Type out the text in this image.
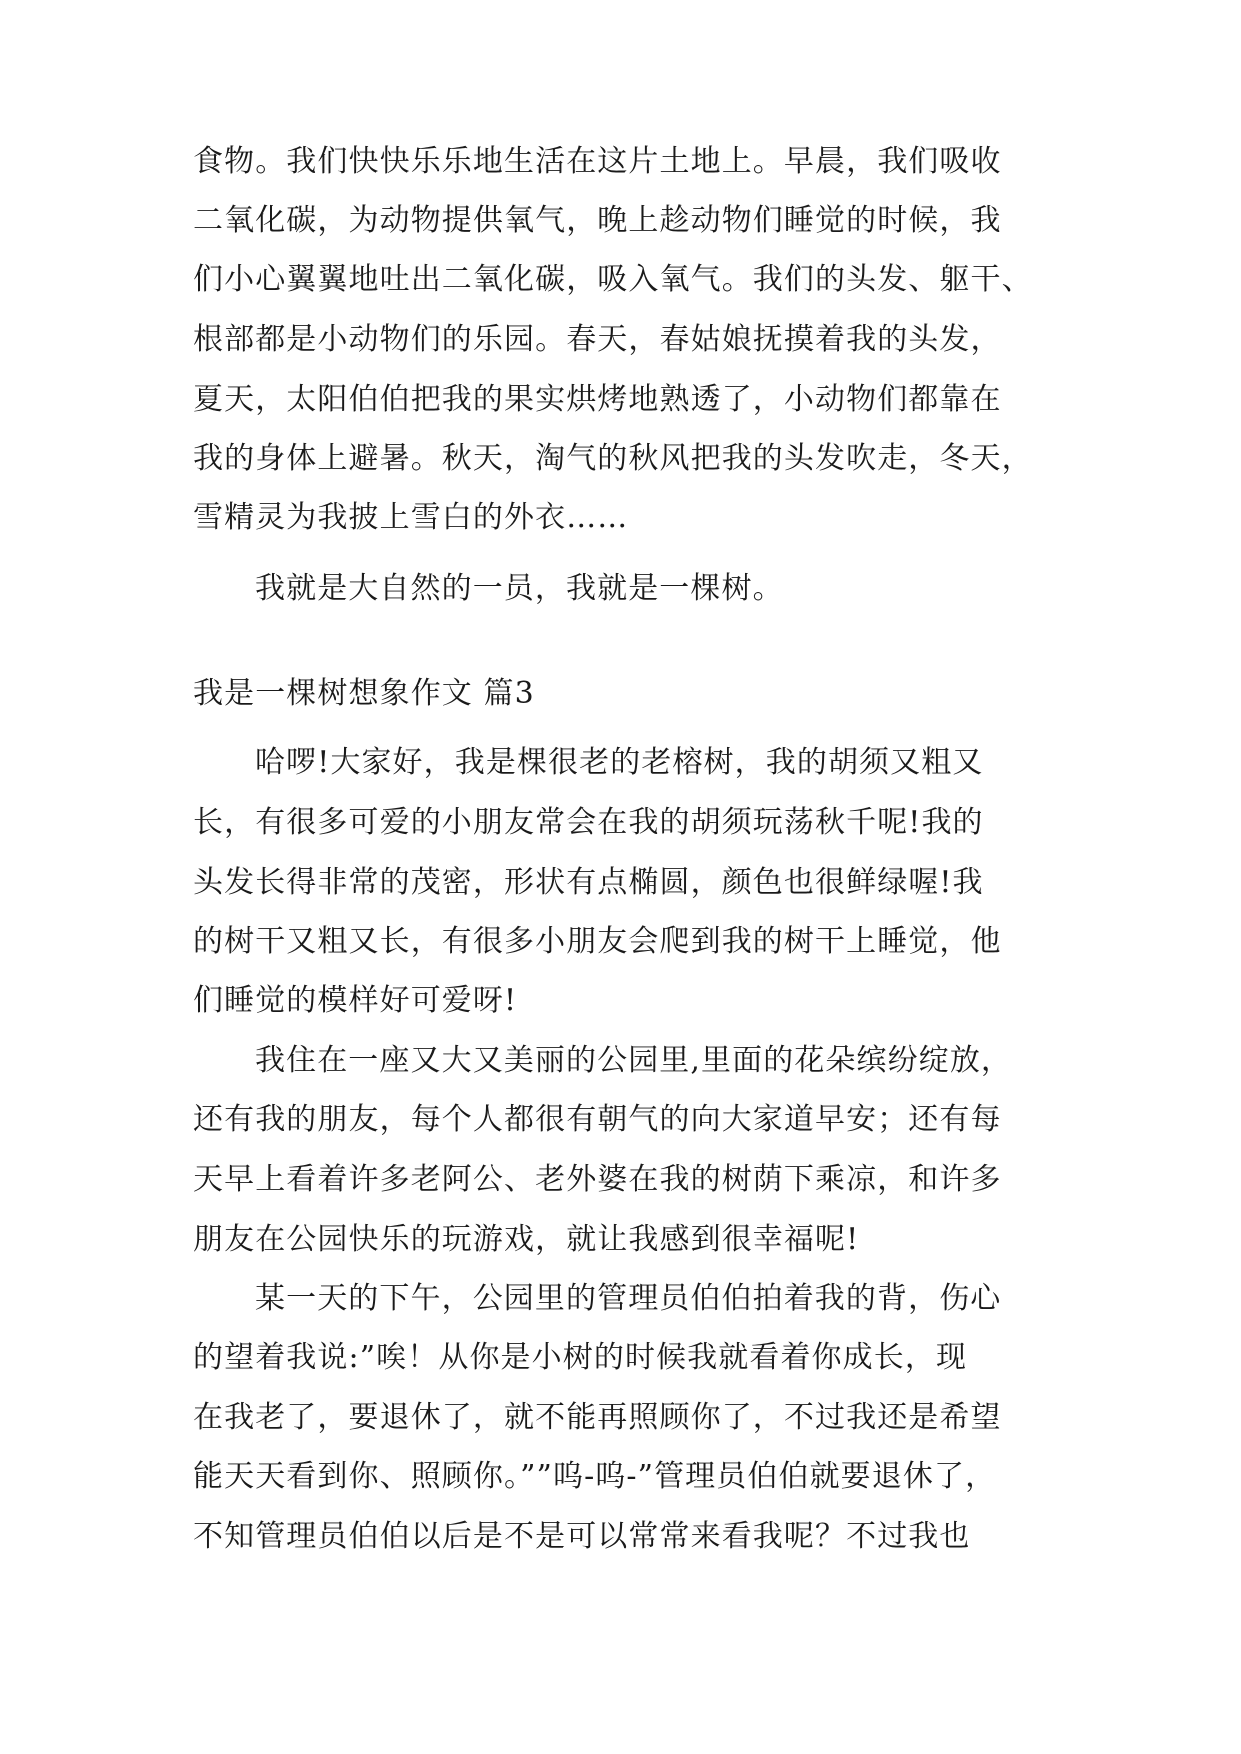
食物。我们快快乐乐地生活在这片土地上。早晨，我们吸收
二氧化碳，为动物提供氧气，晚上趁动物们睡觉的时候，我
们小心翼翼地吐出二氧化碳，吸入氧气。我们的头发、躯干、
根部都是小动物们的乐园。春天，春姑娘抚摸着我的头发，
夏天，太阳伯伯把我的果实烘烤地熟透了，小动物们都靠在
我的身体上避暑。秋天，淘气的秋风把我的头发吹走，冬天，
雪精灵为我披上雪白的外衣……
我就是大自然的一员，我就是一棵树。
我是一棵树想象作文 篇3
哈啰!大家好，我是棵很老的老榕树，我的胡须又粗又
长，有很多可爱的小朋友常会在我的胡须玩荡秋千呢!我的
头发长得非常的茂密，形状有点椭圆，颜色也很鲜绿喔!我
的树干又粗又长，有很多小朋友会爬到我的树干上睡觉，他
们睡觉的模样好可爱呀!
我住在一座又大又美丽的公园里,里面的花朵缤纷绽放，
还有我的朋友，每个人都很有朝气的向大家道早安；还有每
天早上看着许多老阿公、老外婆在我的树荫下乘凉，和许多
朋友在公园快乐的玩游戏，就让我感到很幸福呢!
某一天的下午，公园里的管理员伯伯拍着我的背，伤心
的望着我说:”唉！从你是小树的时候我就看着你成长，现
在我老了，要退休了，就不能再照顾你了，不过我还是希望
能天天看到你、照顾你。””呜-呜-”管理员伯伯就要退休了，
不知管理员伯伯以后是不是可以常常来看我呢？不过我也
